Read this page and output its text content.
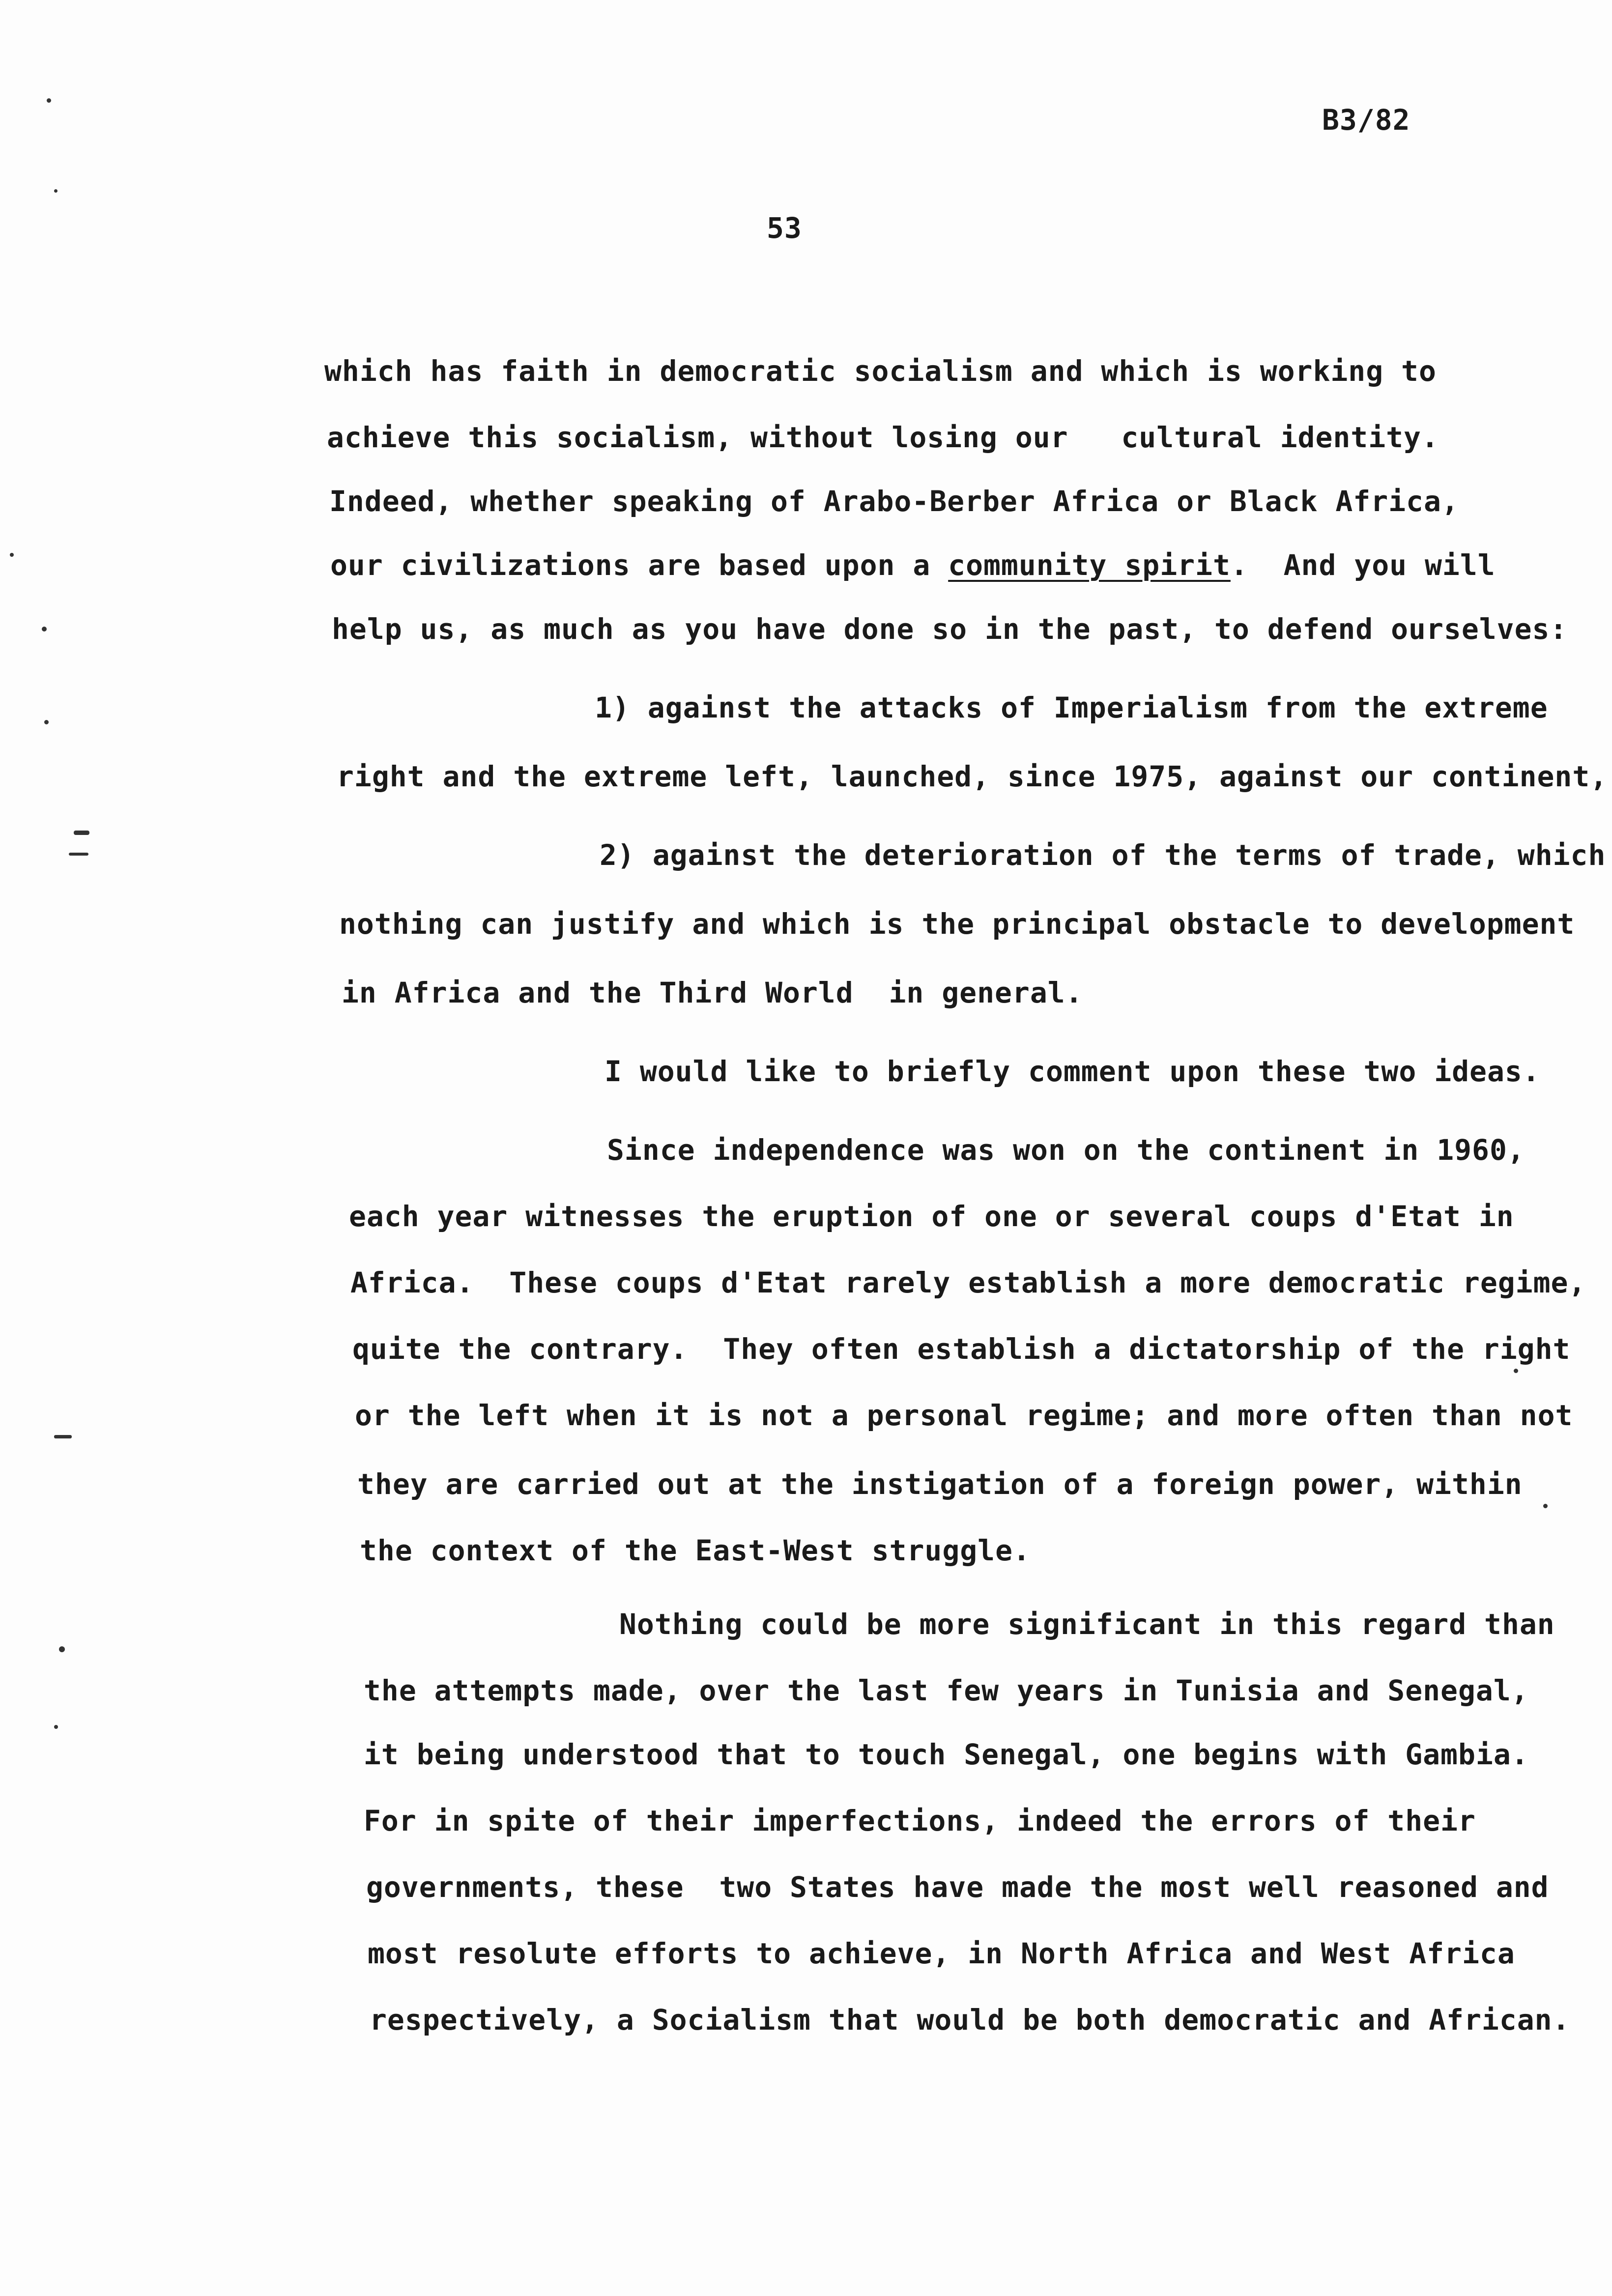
B3/82
53
which has faith in democratic socialism and which is working to
achieve this socialism, without losing our   cultural identity.
Indeed, whether speaking of Arabo-Berber Africa or Black Africa,
our civilizations are based upon a community spirit.  And you will
help us, as much as you have done so in the past, to defend ourselves:
1) against the attacks of Imperialism from the extreme
right and the extreme left, launched, since 1975, against our continent,
2) against the deterioration of the terms of trade, which
nothing can justify and which is the principal obstacle to development
in Africa and the Third World  in general.
I would like to briefly comment upon these two ideas.
Since independence was won on the continent in 1960,
each year witnesses the eruption of one or several coups d'Etat in
Africa.  These coups d'Etat rarely establish a more democratic regime,
quite the contrary.  They often establish a dictatorship of the right
or the left when it is not a personal regime; and more often than not
they are carried out at the instigation of a foreign power, within
the context of the East-West struggle.
Nothing could be more significant in this regard than
the attempts made, over the last few years in Tunisia and Senegal,
it being understood that to touch Senegal, one begins with Gambia.
For in spite of their imperfections, indeed the errors of their
governments, these  two States have made the most well reasoned and
most resolute efforts to achieve, in North Africa and West Africa
respectively, a Socialism that would be both democratic and African.
